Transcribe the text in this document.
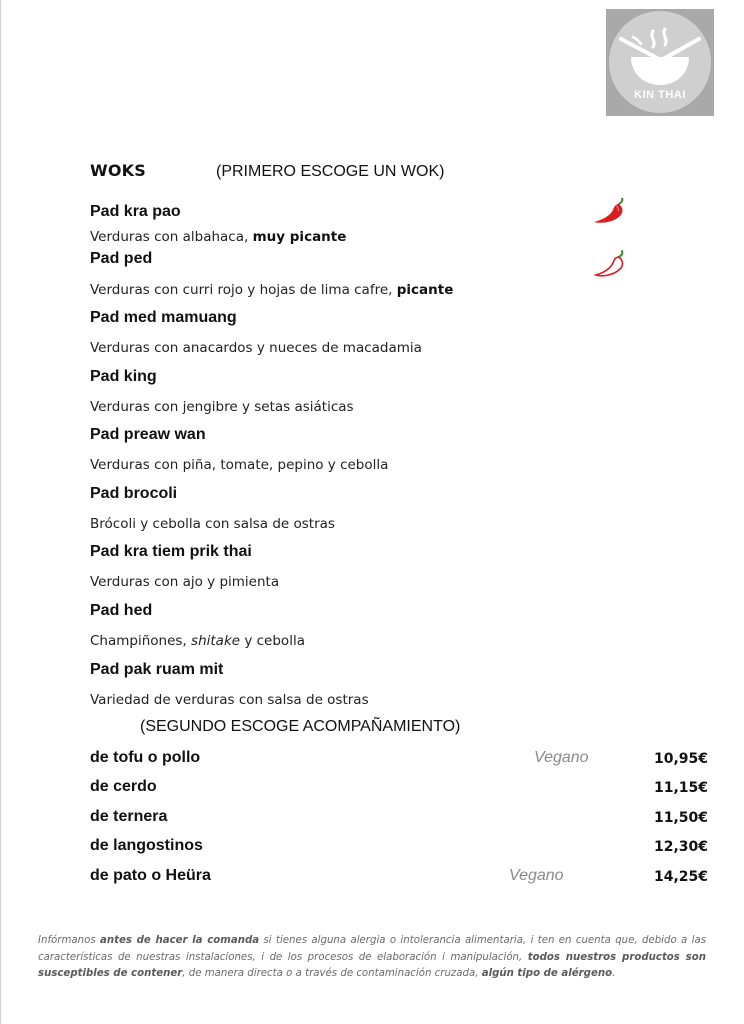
KIN THAI
WOKS	(PRIMERO ESCOGE UN WOK)
Pad kra pao
Verduras con albahaca, muy picante
Pad ped
Verduras con curri rojo y hojas de lima cafre, picante
Pad med mamuang
Verduras con anacardos y nueces de macadamia
Pad king
Verduras con jengibre y setas asiáticas
Pad preaw wan
Verduras con piña, tomate, pepino y cebolla
Pad brocoli
Brócoli y cebolla con salsa de ostras
Pad kra tiem prik thai
Verduras con ajo y pimienta
Pad hed
Champiñones, shitake y cebolla
Pad pak ruam mit
Variedad de verduras con salsa de ostras
(SEGUNDO ESCOGE ACOMPAÑAMIENTO)
de tofu o pollo	Vegano	10,95€
de cerdo	11,15€
de ternera	11,50€
de langostinos	12,30€
de pato o Heüra	Vegano	14,25€
Infórmanos antes de hacer la comanda si tienes alguna alergia o intolerancia alimentaria, i ten en cuenta que, debido a las características de nuestras instalaciones, i de los procesos de elaboración i manipulación, todos nuestros productos son susceptibles de contener, de manera directa o a través de contaminación cruzada, algún tipo de alérgeno.
